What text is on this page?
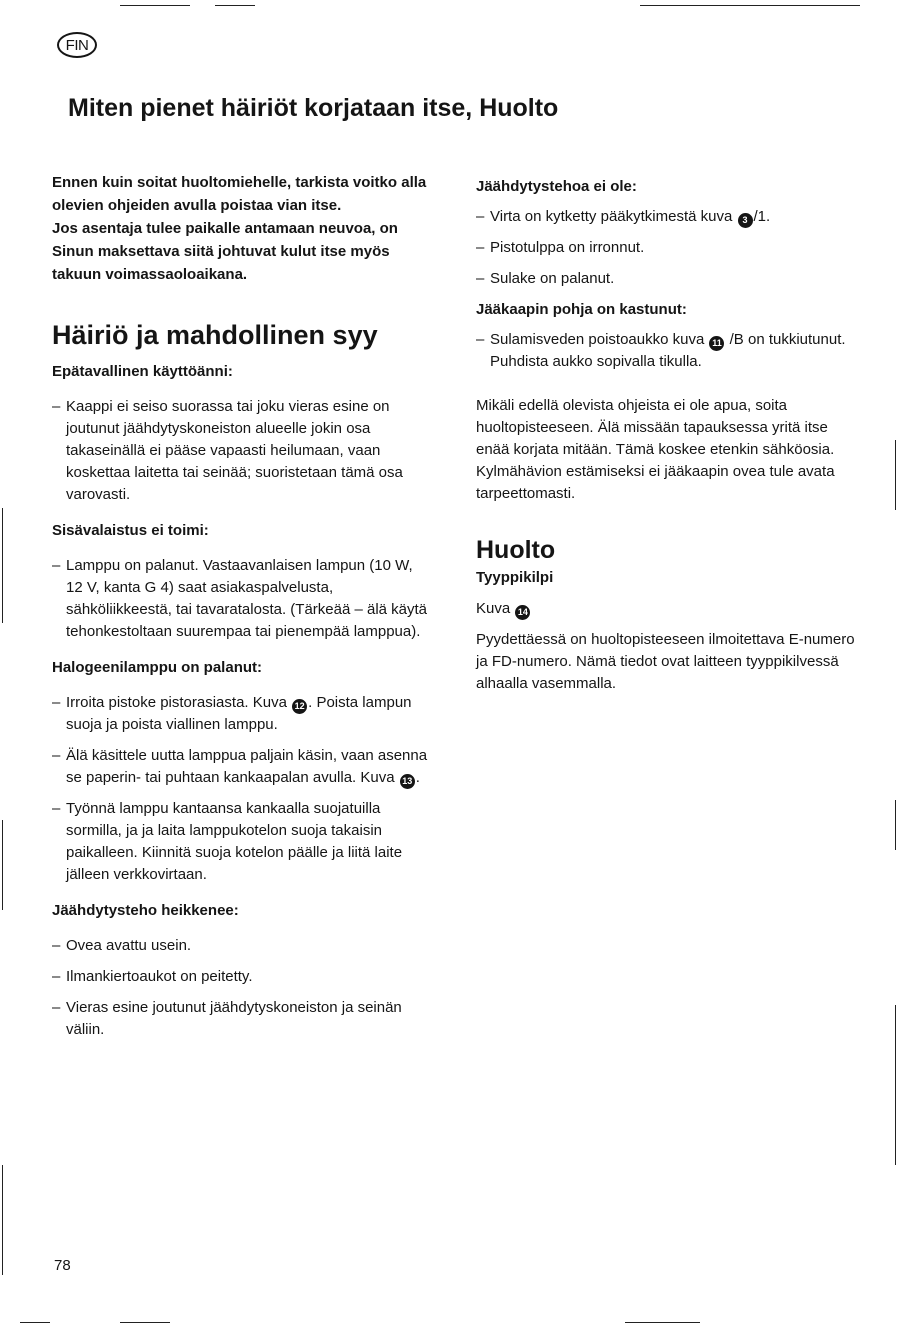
FIN
Miten pienet häiriöt korjataan itse, Huolto

Ennen kuin soitat huoltomiehelle, tarkista voitko alla olevien ohjeiden avulla poistaa vian itse.

Jos asentaja tulee paikalle antamaan neuvoa, on Sinun maksettava siitä johtuvat kulut itse myös takuun voimassaoloaikana.

Häiriö ja mahdollinen syy
Epätavallinen käyttöänni:
– Kaappi ei seiso suorassa tai joku vieras esine on joutunut jäähdytyskoneiston alueelle jokin osa takaseinällä ei pääse vapaasti heilumaan, vaan koskettaa laitetta tai seinää; suoristetaan tämä osa varovasti.
Sisävalaistus ei toimi:
– Lamppu on palanut. Vastaavanlaisen lampun (10 W, 12 V, kanta G 4) saat asiakaspalvelusta, sähköliikkeestä, tai tavaratalosta. (Tärkeää – älä käytä tehonkestoltaan suurempaa tai pienempää lamppua).
Halogeenilamppu on palanut:
– Irroita pistoke pistorasiasta. Kuva 12 . Poista lampun suoja ja poista viallinen lamppu.
– Älä käsittele uutta lamppua paljain käsin, vaan asenna se paperin- tai puhtaan kankaapalan avulla. Kuva 13 .
– Työnnä lamppu kantaansa kankaalla suojatuilla sormilla, ja ja laita lamppukotelon suoja takaisin paikalleen. Kiinnitä suoja kotelon päälle ja liitä laite jälleen verkkovirtaan.
Jäähdytysteho heikkenee:
– Ovea avattu usein.
– Ilmankiertoaukot on peitetty.
– Vieras esine joutunut jäähdytyskoneiston ja seinän väliin.
Jäähdytystehoa ei ole:
– Virta on kytketty pääkytkimestä kuva 3 /1.
– Pistotulppa on irronnut.
– Sulake on palanut.
Jääkaapin pohja on kastunut:
– Sulamisveden poistoaukko kuva 11 /B on tukkiutunut. Puhdista aukko sopivalla tikulla.

Mikäli edellä olevista ohjeista ei ole apua, soita huoltopisteeseen. Älä missään tapauksessa yritä itse enää korjata mitään. Tämä koskee etenkin sähköosia.

Kylmähävion estämiseksi ei jääkaapin ovea tule avata tarpeettomasti.

Huolto
Tyyppikilpi

Kuva 14

Pyydettäessä on huoltopisteeseen ilmoitettava E-numero ja FD-numero. Nämä tiedot ovat laitteen tyyppikilvessä alhaalla vasemmalla.

78
